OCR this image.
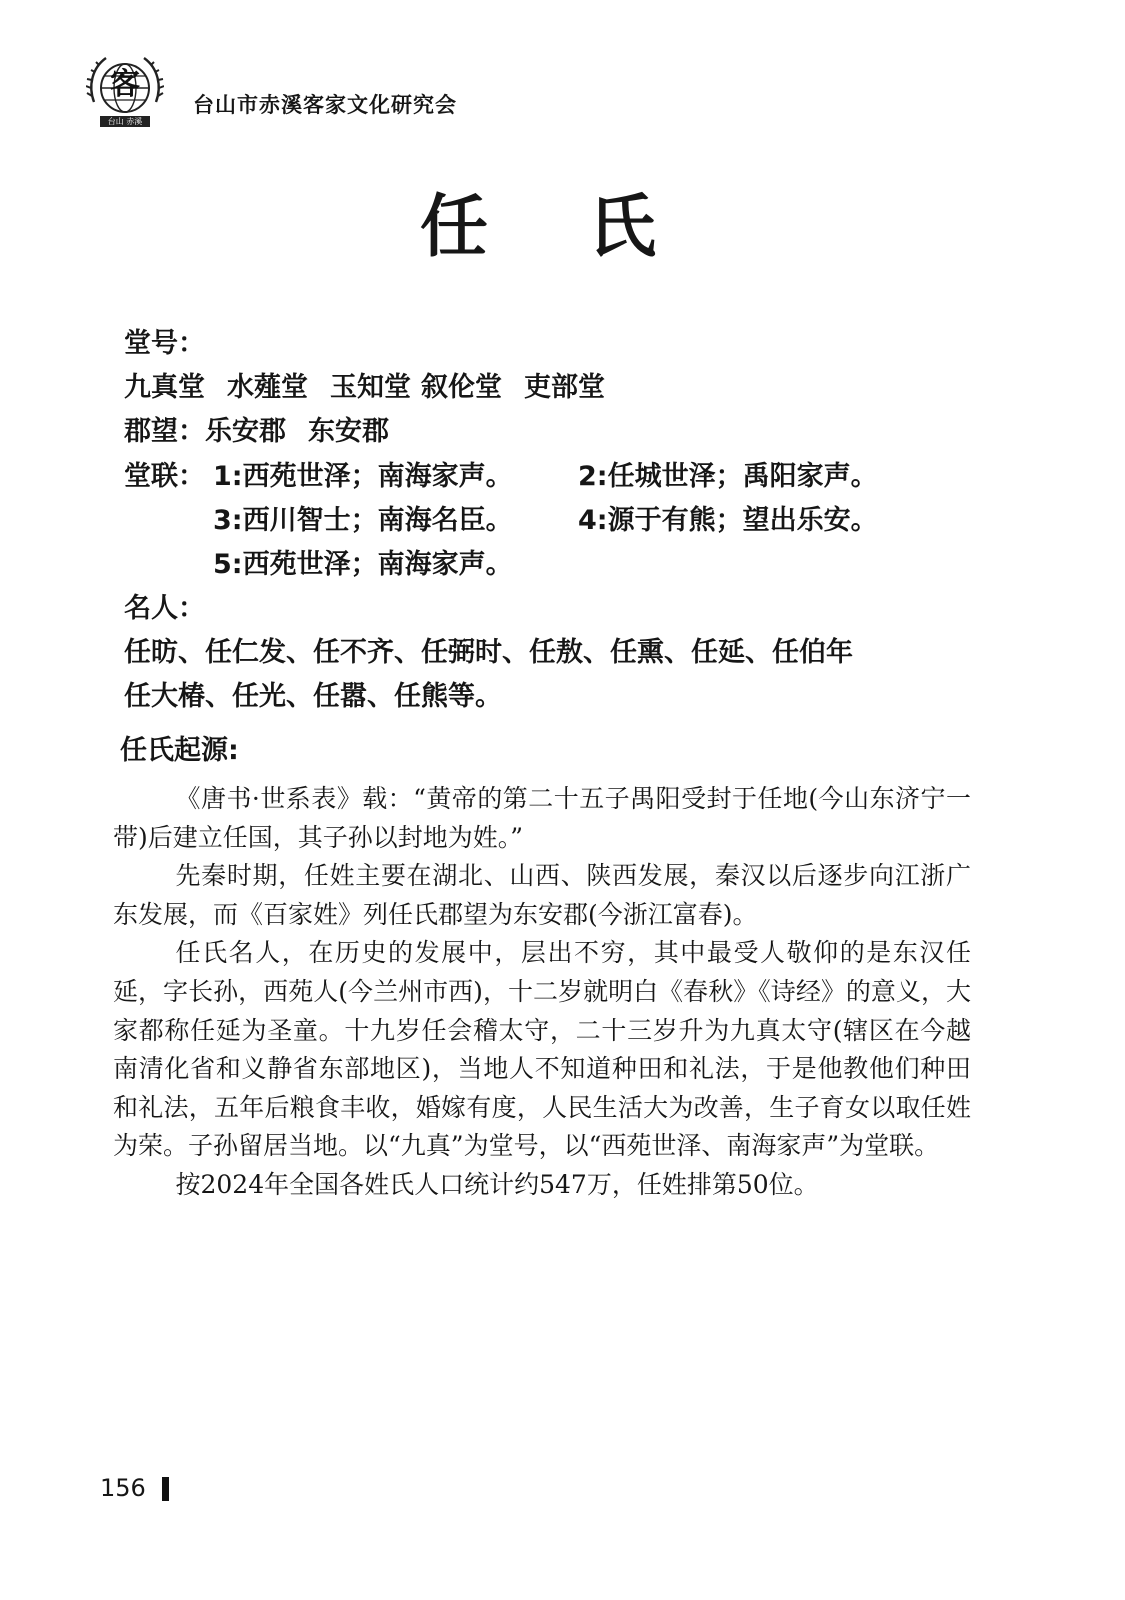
客
台山 赤溪
台山市赤溪客家文化研究会
任 氏
堂号：
九真堂 水薤堂 玉知堂 叙伦堂 吏部堂
郡望：乐安郡 东安郡
堂联： 1:西苑世泽；南海家声。 2:任城世泽；禹阳家声。
3:西川智士；南海名臣。 4:源于有熊；望出乐安。
5:西苑世泽；南海家声。
名人：
任昉、任仁发、任不齐、任弼时、任敖、任熏、任延、任伯年
任大椿、任光、任嚣、任熊等。
任氏起源:

《唐书·世系表》载：“黄帝的第二十五子禺阳受封于任地(今山东济宁一带)后建立任国，其子孙以封地为姓。”

先秦时期，任姓主要在湖北、山西、陕西发展，秦汉以后逐步向江浙广东发展，而《百家姓》列任氏郡望为东安郡(今浙江富春)。

任氏名人，在历史的发展中，层出不穷，其中最受人敬仰的是东汉任延，字长孙，西苑人(今兰州市西)，十二岁就明白《春秋》《诗经》的意义，大家都称任延为圣童。十九岁任会稽太守，二十三岁升为九真太守(辖区在今越南清化省和义静省东部地区)，当地人不知道种田和礼法，于是他教他们种田和礼法，五年后粮食丰收，婚嫁有度，人民生活大为改善，生子育女以取任姓为荣。子孙留居当地。以“九真”为堂号，以“西苑世泽、南海家声”为堂联。

按2024年全国各姓氏人口统计约547万，任姓排第50位。

156
